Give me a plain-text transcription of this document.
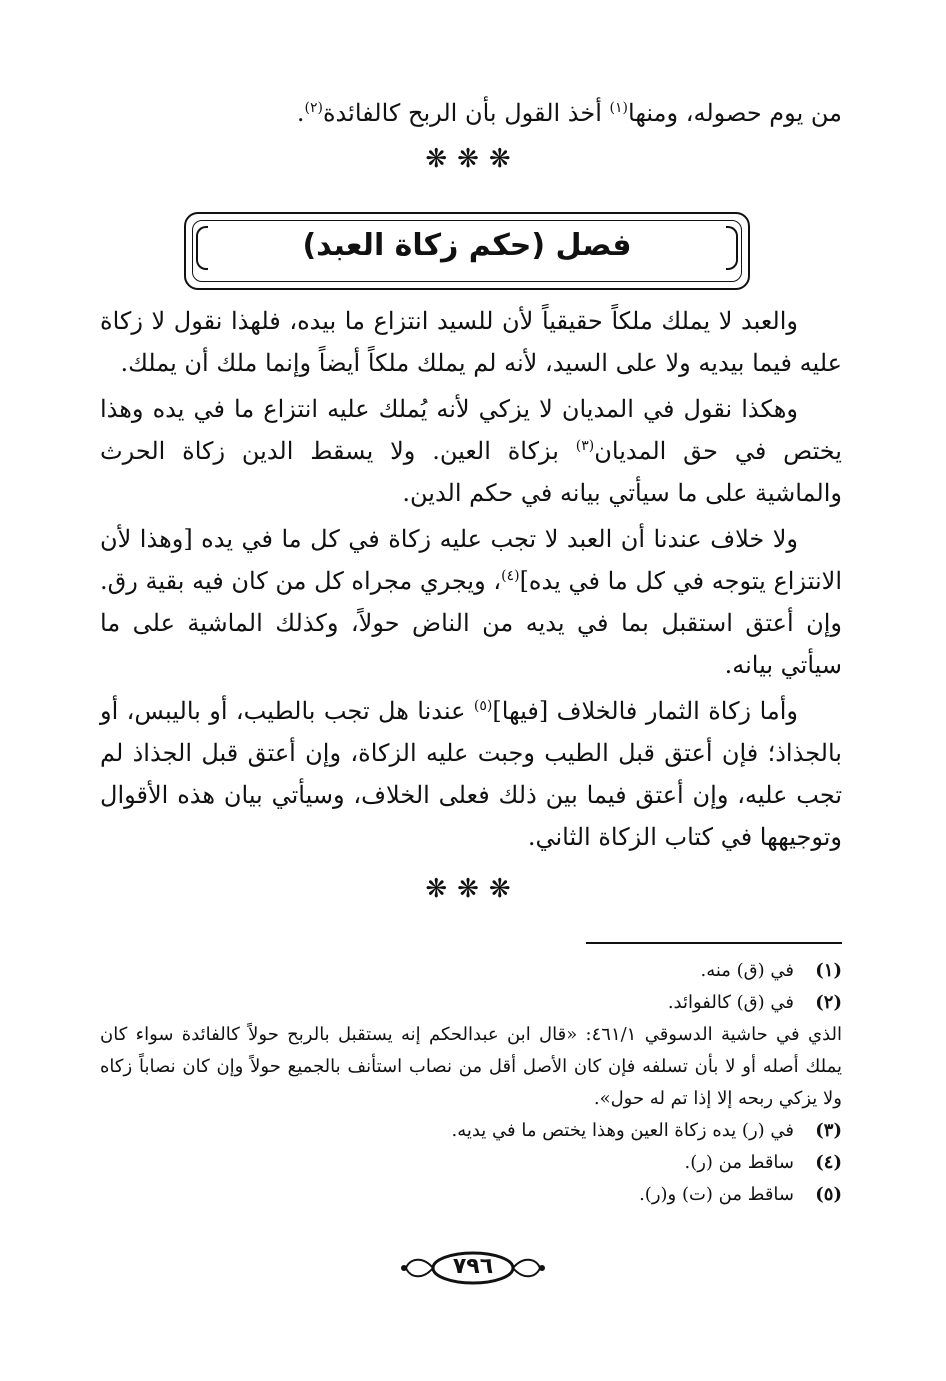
من يوم حصوله، ومنها$^{(١)}$ أخذ القول بأن الربح كالفائدة$^{(٢)}$.

❋❋❋
فصل (حكم زكاة العبد)

والعبد لا يملك ملكاً حقيقياً لأن للسيد انتزاع ما بيده، فلهذا نقول لا زكاة عليه فيما بيديه ولا على السيد، لأنه لم يملك ملكاً أيضاً وإنما ملك أن يملك.

وهكذا نقول في المديان لا يزكي لأنه يُملك عليه انتزاع ما في يده وهذا يختص في حق المديان$^{(٣)}$ بزكاة العين. ولا يسقط الدين زكاة الحرث والماشية على ما سيأتي بيانه في حكم الدين.

ولا خلاف عندنا أن العبد لا تجب عليه زكاة في كل ما في يده [وهذا لأن الانتزاع يتوجه في كل ما في يده]$^{(٤)}$، ويجري مجراه كل من كان فيه بقية رق. وإن أعتق استقبل بما في يديه من الناض حولاً، وكذلك الماشية على ما سيأتي بيانه.

وأما زكاة الثمار فالخلاف [فيها]$^{(٥)}$ عندنا هل تجب بالطيب، أو باليبس، أو بالجذاذ؛ فإن أعتق قبل الطيب وجبت عليه الزكاة، وإن أعتق قبل الجذاذ لم تجب عليه، وإن أعتق فيما بين ذلك فعلى الخلاف، وسيأتي بيان هذه الأقوال وتوجيهها في كتاب الزكاة الثاني.

❋❋❋
(١)
في (ق) منه.
(٢)
في (ق) كالفوائد.
الذي في حاشية الدسوقي ٤٦١/١: «قال ابن عبدالحكم إنه يستقبل بالربح حولاً كالفائدة سواء كان يملك أصله أو لا بأن تسلفه فإن كان الأصل أقل من نصاب استأنف بالجميع حولاً وإن كان نصاباً زكاه ولا يزكي ربحه إلا إذا تم له حول».
(٣)
في (ر) يده زكاة العين وهذا يختص ما في يديه.
(٤)
ساقط من (ر).
(٥)
ساقط من (ت) و(ر).
٧٩٦
